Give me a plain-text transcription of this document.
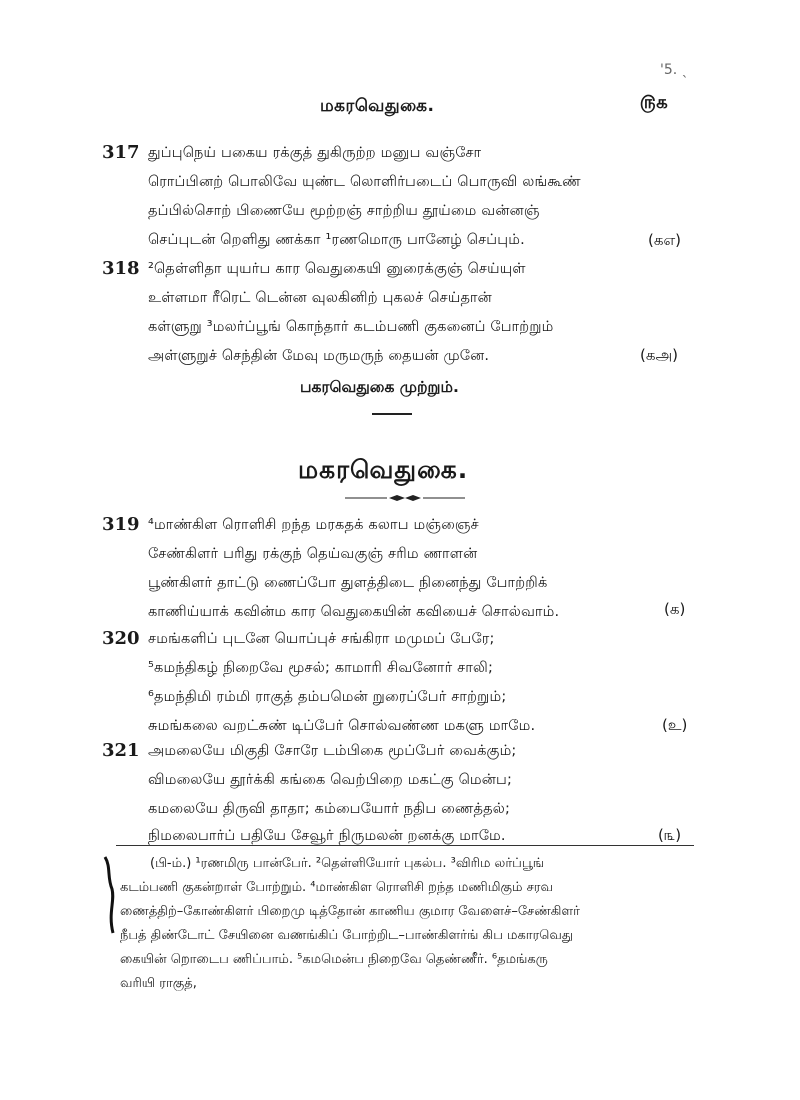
ꞌ5. ˎ
மகரவெதுகை.	௫௧
317 துப்புநெய் பகைய ரக்குத் துகிருற்ற மனுப வஞ்சோ
ரொப்பினற் பொலிவே யுண்ட லொளிர்படைப் பொருவி லங்கூண்
தப்பில்சொற் பிணையே மூற்றஞ் சாற்றிய தூய்மை வன்னஞ்
செப்புடன் றெளிது ணக்கா ¹ரணமொரு பானேழ் செப்பும்.	(கஎ)
318 ²தெள்ளிதா யுயர்ப கார வெதுகையி னுரைக்குஞ் செய்யுள்
உள்ளமா ரீரெட் டென்ன வுலகினிற் புகலச் செய்தான்
கள்ளுறு ³மலர்ப்பூங் கொந்தார் கடம்பணி குகனைப் போற்றும்
அள்ளுறுச் செந்தின் மேவு மருமருந் தையன் முனே.	(கஅ)
பகரவெதுகை முற்றும்.
மகரவெதுகை.
319 ⁴மாண்கிள ரொளிசி றந்த மரகதக் கலாப மஞ்ஞைச்
சேண்கிளர் பரிது ரக்குந் தெய்வகுஞ் சரிம ணாளன்
பூண்கிளர் தாட்டு ணைப்போ துளத்திடை நினைந்து போற்றிக்
காணிய்யாக் கவின்ம கார வெதுகையின் கவியைச் சொல்வாம்.	(க)
320 சமங்களிப் புடனே யொப்புச் சங்கிரா மமுமப் பேரே;
⁵கமந்திகழ் நிறைவே மூசல்; காமாரி சிவனோர் சாலி;
⁶தமந்திமி ரம்மி ராகுத் தம்பமென் றுரைப்பேர் சாற்றும்;
சுமங்கலை வறட்சுண் டிப்பேர் சொல்வண்ண மகளு மாமே.	(உ)
321 அமலையே மிகுதி சோரே டம்பிகை மூப்பேர் வைக்கும்;
விமலையே தூர்க்கி கங்கை வெற்பிறை மகட்கு மென்ப;
கமலையே திருவி தாதா; கம்பையோர் நதிப ணைத்தல்;
நிமலைபார்ப் பதியே சேவூர் நிருமலன் றனக்கு மாமே.	(௩)
(பி-ம்.) ¹ரணமிரு பான்பேர். ²தெள்ளியோர் புகல்ப. ³விரிம லர்ப்பூங்
கடம்பணி குகன்றாள் போற்றும். ⁴மாண்கிள ரொளிசி றந்த மணிமிகும் சரவ
ணைத்திற்–கோண்கிளர் பிறைமு டித்தோன் காணிய குமார வேளைச்–சேண்கிளர்
நீபத் திண்டோட் சேயினை வணங்கிப் போற்றிட–பாண்கிளர்ங் கிப மகாரவெது
கையின் றொடைப ணிப்பாம். ⁵கமமென்ப நிறைவே தெண்ணீர். ⁶தமங்கரு
வரியி ராகுத்,
